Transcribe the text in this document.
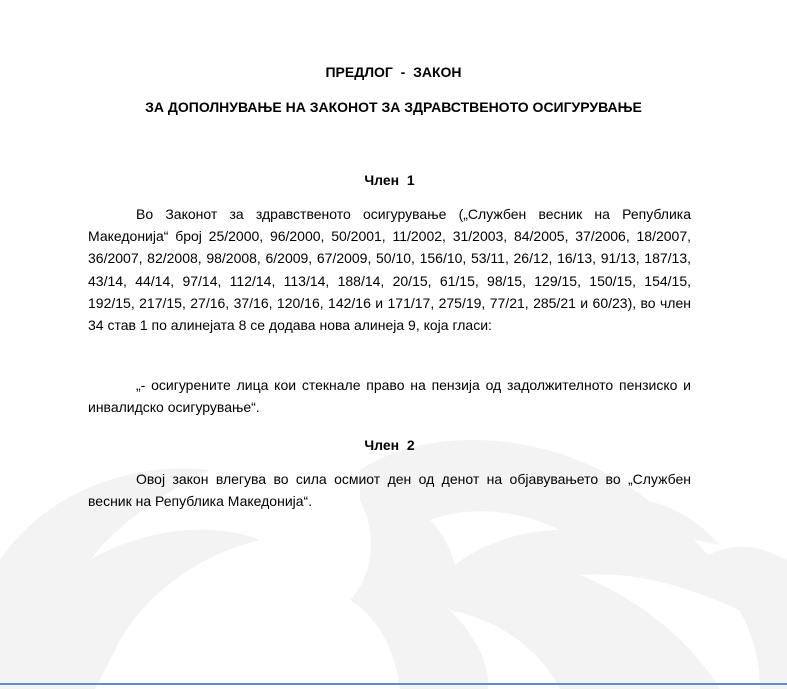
ПРЕДЛОГ  -  ЗАКОН
ЗА ДОПОЛНУВАЊЕ НА ЗАКОНОТ ЗА ЗДРАВСТВЕНОТО ОСИГУРУВАЊЕ
Член  1

Во Законот за здравственото осигурување („Службен весник на Република Македонија“ број 25/2000, 96/2000, 50/2001, 11/2002, 31/2003, 84/2005, 37/2006, 18/2007, 36/2007, 82/2008, 98/2008, 6/2009, 67/2009, 50/10, 156/10, 53/11, 26/12, 16/13, 91/13, 187/13, 43/14, 44/14, 97/14, 112/14, 113/14, 188/14, 20/15, 61/15, 98/15, 129/15, 150/15, 154/15, 192/15, 217/15, 27/16, 37/16, 120/16, 142/16 и 171/17, 275/19, 77/21, 285/21 и 60/23), во член 34 став 1 по алинејата 8 се додава нова алинеја 9, која гласи:

„- осигурените лица кои стекнале право на пензија од задолжителното пензиско и инвалидско осигурување“.

Член  2

Овој закон влегува во сила осмиот ден од денот на објавувањето во „Службен весник на Република Македонија“.
